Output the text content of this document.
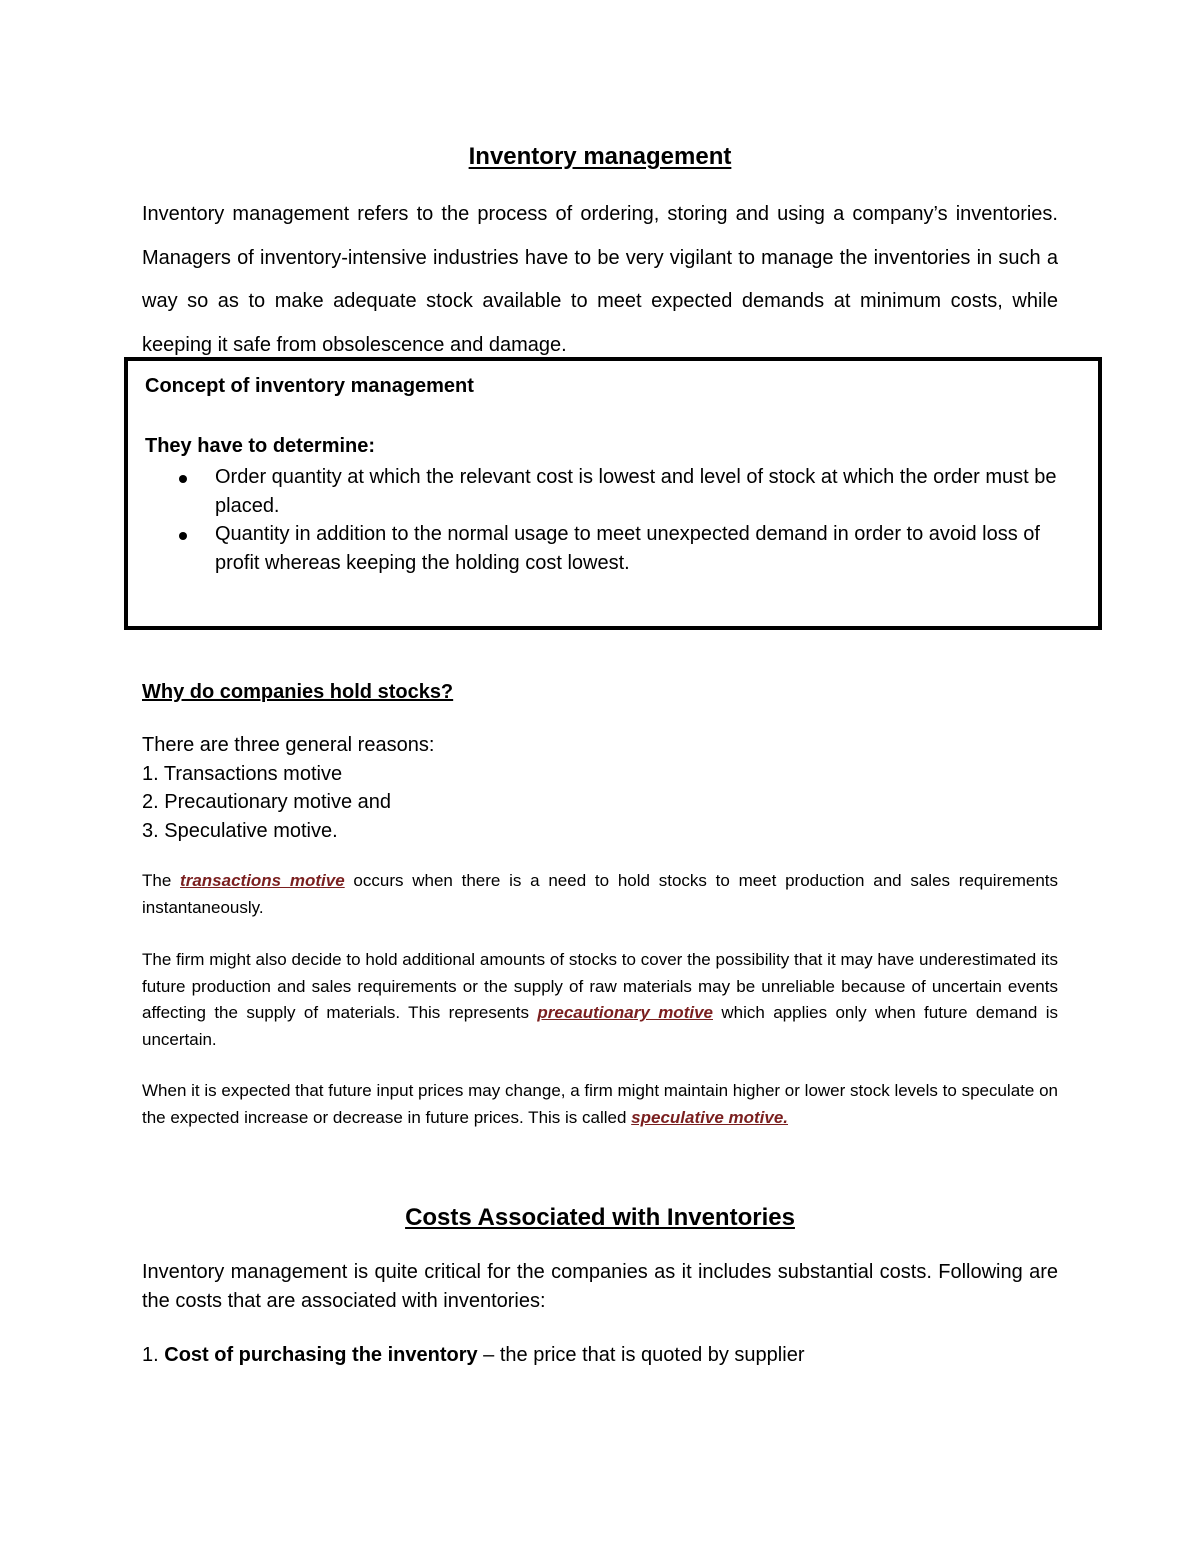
Inventory management

Inventory management refers to the process of ordering, storing and using a company’s inventories. Managers of inventory-intensive industries have to be very vigilant to manage the inventories in such a way so as to make adequate stock available to meet expected demands at minimum costs, while keeping it safe from obsolescence and damage.

Concept of inventory management

They have to determine:

Order quantity at which the relevant cost is lowest and level of stock at which the order must be placed.
Quantity in addition to the normal usage to meet unexpected demand in order to avoid loss of profit whereas keeping the holding cost lowest.

Why do companies hold stocks?

There are three general reasons:
1. Transactions motive
2. Precautionary motive and
3. Speculative motive.

The transactions motive occurs when there is a need to hold stocks to meet production and sales requirements instantaneously.

The firm might also decide to hold additional amounts of stocks to cover the possibility that it may have underestimated its future production and sales requirements or the supply of raw materials may be unreliable because of uncertain events affecting the supply of materials. This represents precautionary motive which applies only when future demand is uncertain.

When it is expected that future input prices may change, a firm might maintain higher or lower stock levels to speculate on the expected increase or decrease in future prices. This is called speculative motive.

Costs Associated with Inventories

Inventory management is quite critical for the companies as it includes substantial costs. Following are the costs that are associated with inventories:

1. Cost of purchasing the inventory – the price that is quoted by supplier
